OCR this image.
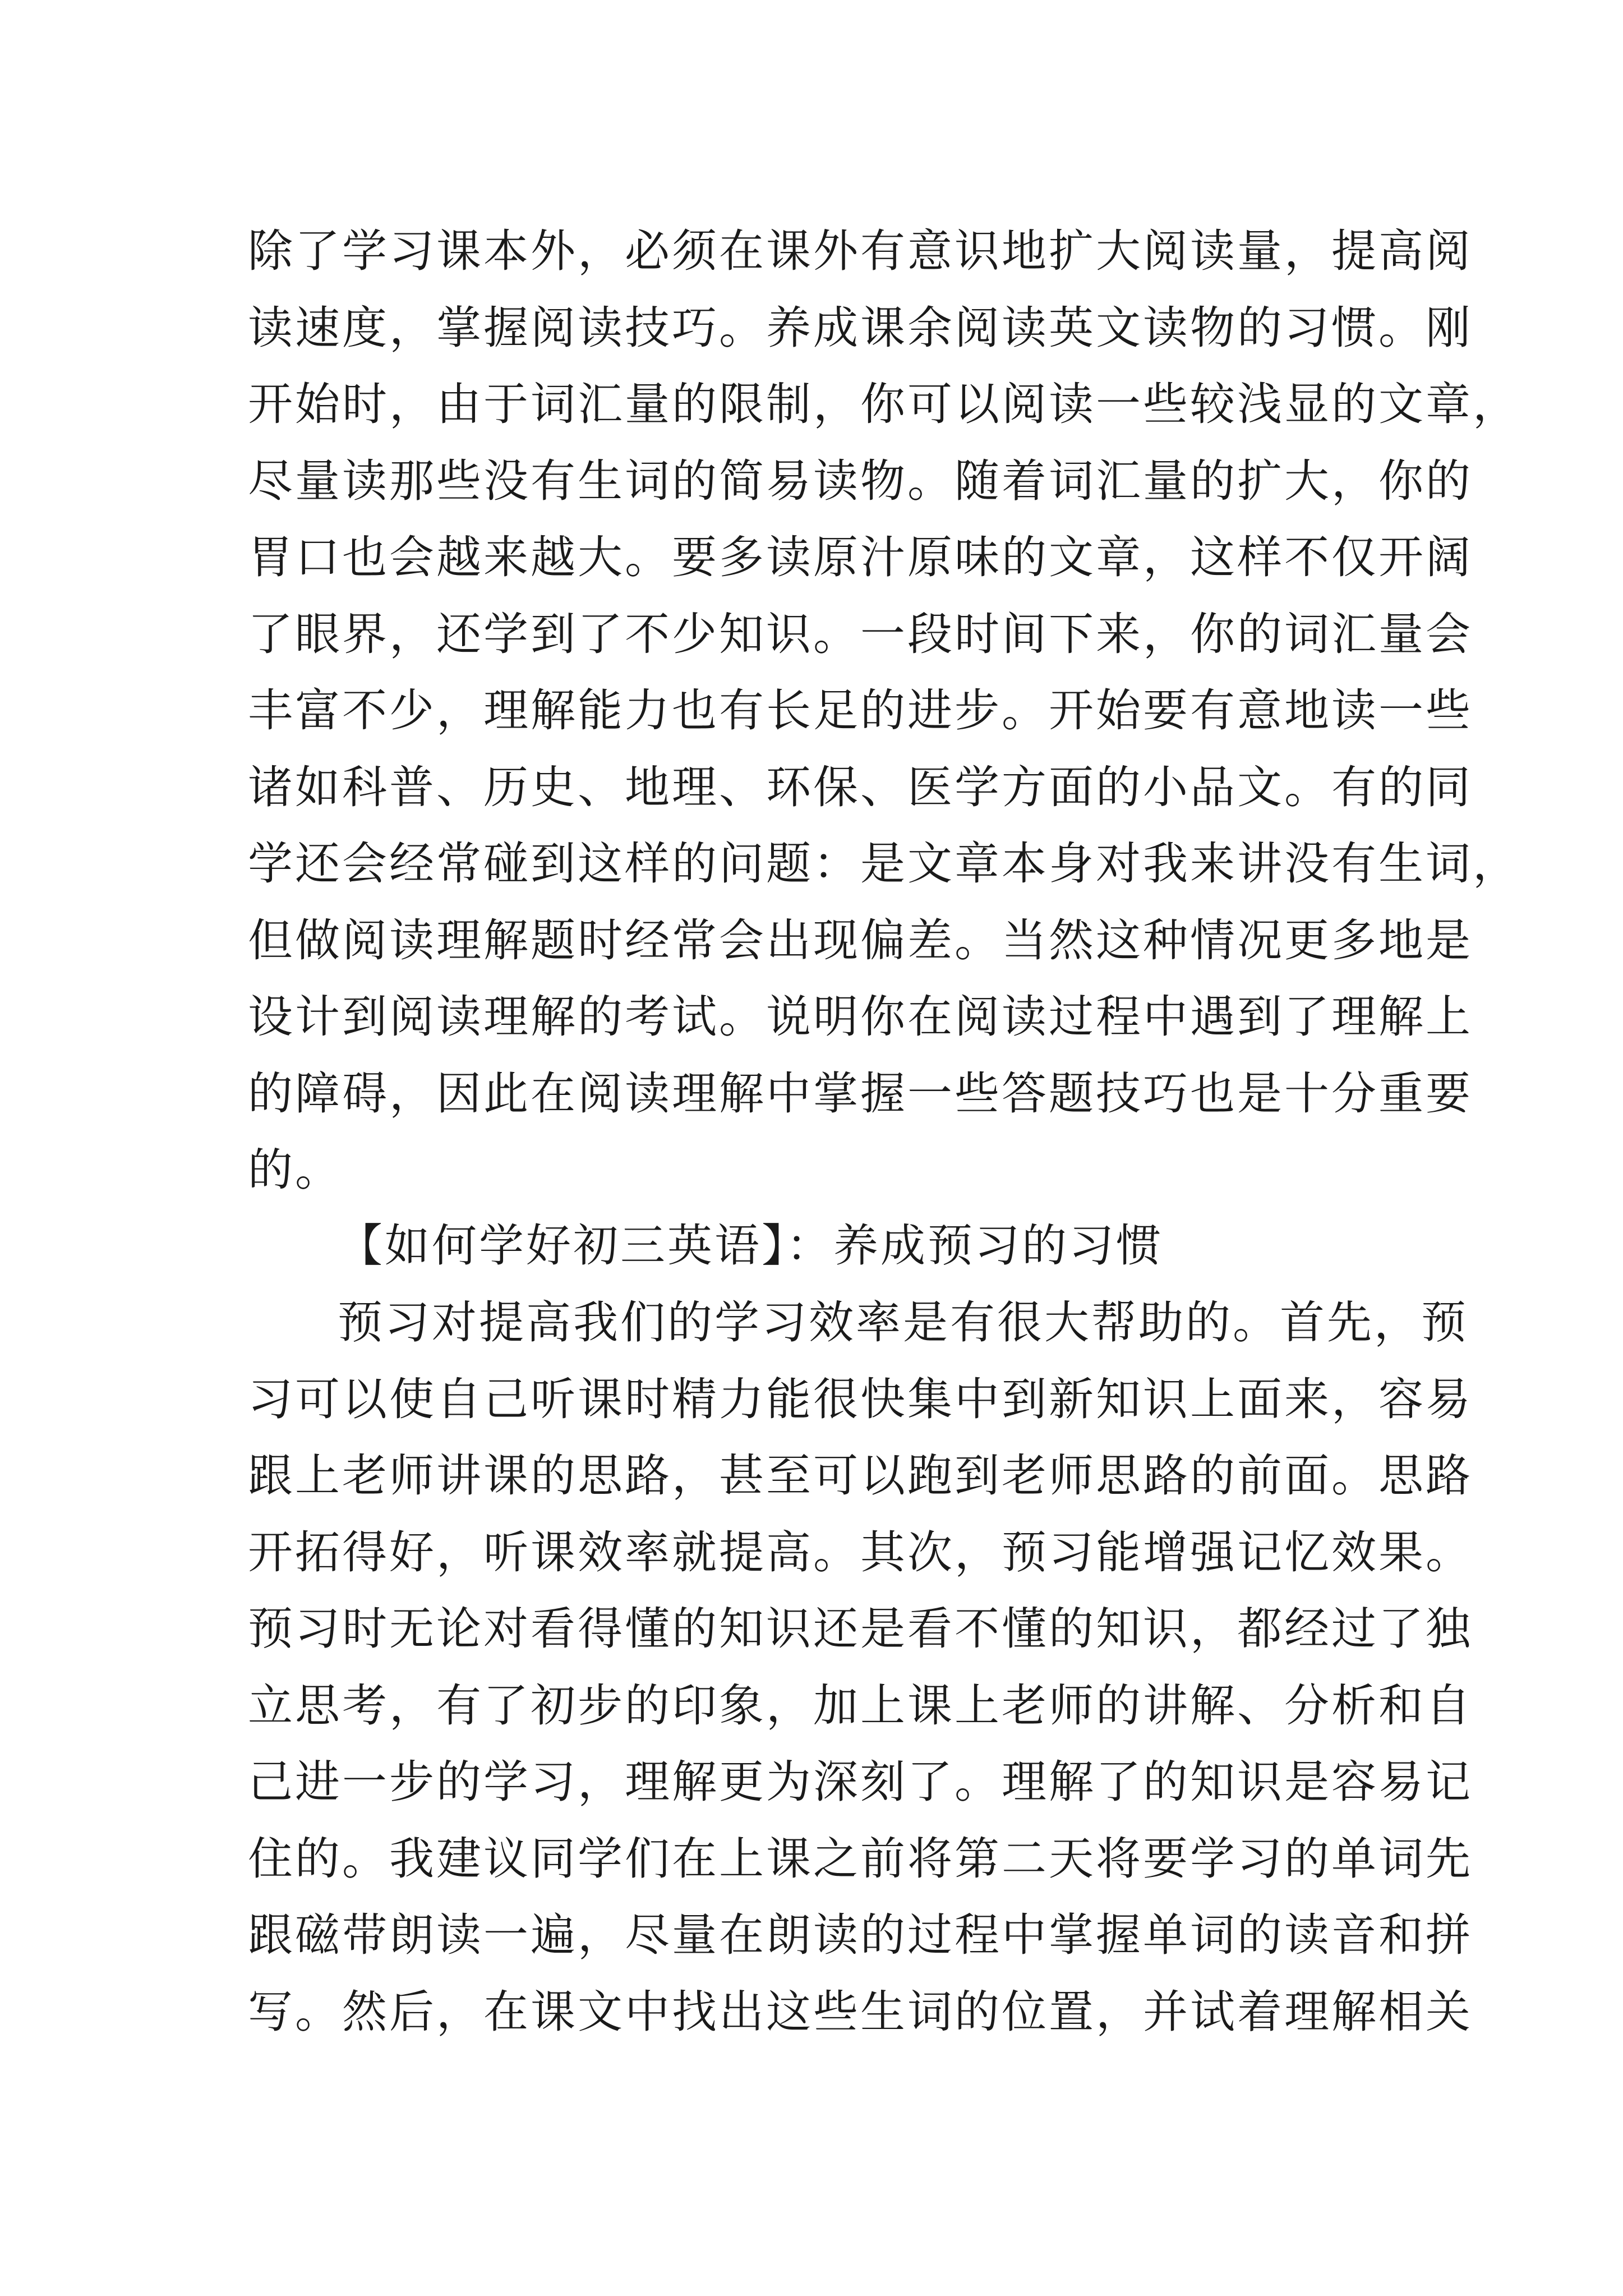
除了学习课本外，必须在课外有意识地扩大阅读量，提高阅
读速度，掌握阅读技巧。养成课余阅读英文读物的习惯。刚
开始时，由于词汇量的限制，你可以阅读一些较浅显的文章，
尽量读那些没有生词的简易读物。随着词汇量的扩大，你的
胃口也会越来越大。要多读原汁原味的文章，这样不仅开阔
了眼界，还学到了不少知识。一段时间下来，你的词汇量会
丰富不少，理解能力也有长足的进步。开始要有意地读一些
诸如科普、历史、地理、环保、医学方面的小品文。有的同
学还会经常碰到这样的问题：是文章本身对我来讲没有生词，
但做阅读理解题时经常会出现偏差。当然这种情况更多地是
设计到阅读理解的考试。说明你在阅读过程中遇到了理解上
的障碍，因此在阅读理解中掌握一些答题技巧也是十分重要
的。
【如何学好初三英语】：养成预习的习惯
预习对提高我们的学习效率是有很大帮助的。首先，预
习可以使自己听课时精力能很快集中到新知识上面来，容易
跟上老师讲课的思路，甚至可以跑到老师思路的前面。思路
开拓得好，听课效率就提高。其次，预习能增强记忆效果。
预习时无论对看得懂的知识还是看不懂的知识，都经过了独
立思考，有了初步的印象，加上课上老师的讲解、分析和自
己进一步的学习，理解更为深刻了。理解了的知识是容易记
住的。我建议同学们在上课之前将第二天将要学习的单词先
跟磁带朗读一遍，尽量在朗读的过程中掌握单词的读音和拼
写。然后，在课文中找出这些生词的位置，并试着理解相关
